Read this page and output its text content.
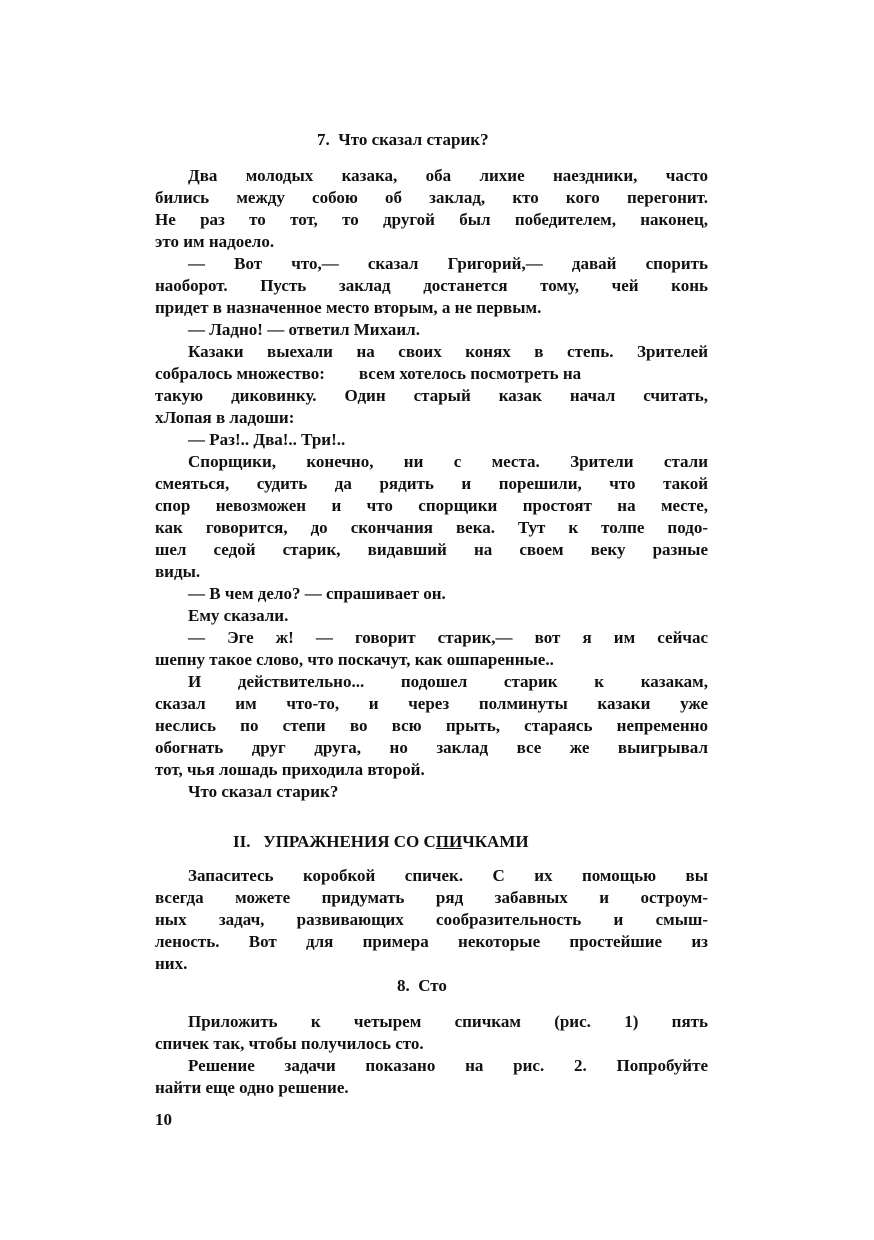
7.  Что сказал старик?
Два молодых казака, оба лихие наездники, часто
бились между собою об заклад, кто кого перегонит.
Не раз то тот, то другой был победителем, наконец,
это им надоело.
— Вот что,— сказал Григорий,— давай спорить
наоборот. Пусть заклад достанется тому, чей конь
придет в назначенное место вторым, а не первым.
— Ладно! — ответил Михаил.
Казаки выехали на своих конях в степь. Зрителей
собралось множество:        всем хотелось посмотреть на
такую диковинку. Один старый казак начал считать,
хЛопая в ладоши:
— Раз!.. Два!.. Три!..
Спорщики, конечно, ни с места. Зрители стали
смеяться, судить да рядить и порешили, что такой
спор невозможен и что спорщики простоят на месте,
как говорится, до скончания века. Тут к толпе подо-
шел седой старик, видавший на своем веку разные
виды.
— В чем дело? — спрашивает он.
Ему сказали.
— Эге ж! — говорит старик,— вот я им сейчас
шепну такое слово, что поскачут, как ошпаренные..
И действительно... подошел старик к казакам,
сказал им что-то, и через полминуты казаки уже
неслись по степи во всю прыть, стараясь непременно
обогнать друг друга, но заклад все же выигрывал
тот, чья лошадь приходила второй.
Что сказал старик?
II.   УПРАЖНЕНИЯ СО СПИЧКАМИ
Запаситесь коробкой спичек. С их помощью вы
всегда можете придумать ряд забавных и остроум-
ных задач, развивающих сообразительность и смыш-
леность. Вот для примера некоторые простейшие из
них.
8.  Сто
Приложить к четырем спичкам (рис. 1) пять
спичек так, чтобы получилось сто.
Решение задачи показано на рис. 2. Попробуйте
найти еще одно решение.
10
